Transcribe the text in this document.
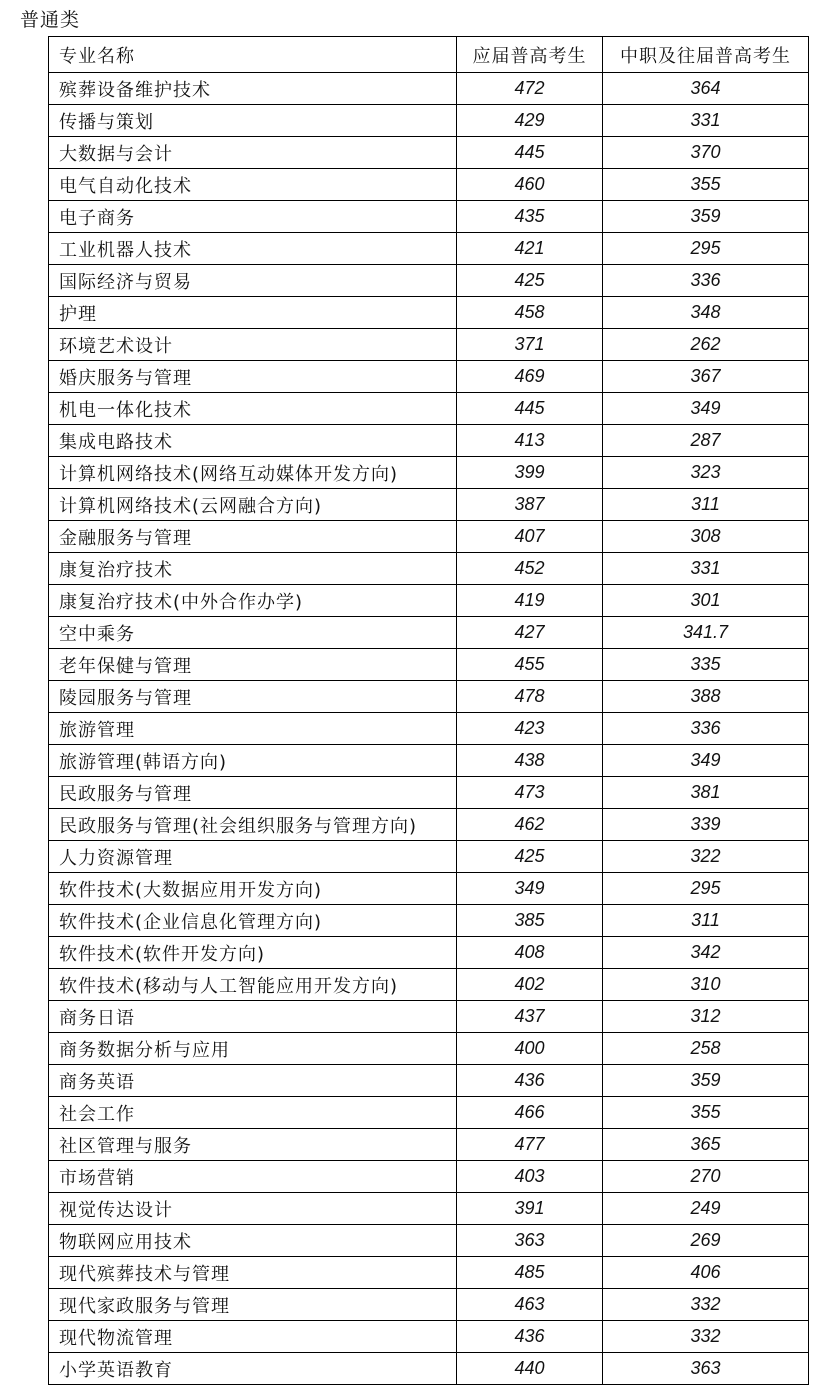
普通类
专业名称	应届普高考生	中职及往届普高考生
殡葬设备维护技术	472	364
传播与策划	429	331
大数据与会计	445	370
电气自动化技术	460	355
电子商务	435	359
工业机器人技术	421	295
国际经济与贸易	425	336
护理	458	348
环境艺术设计	371	262
婚庆服务与管理	469	367
机电一体化技术	445	349
集成电路技术	413	287
计算机网络技术(网络互动媒体开发方向)	399	323
计算机网络技术(云网融合方向)	387	311
金融服务与管理	407	308
康复治疗技术	452	331
康复治疗技术(中外合作办学)	419	301
空中乘务	427	341.7
老年保健与管理	455	335
陵园服务与管理	478	388
旅游管理	423	336
旅游管理(韩语方向)	438	349
民政服务与管理	473	381
民政服务与管理(社会组织服务与管理方向)	462	339
人力资源管理	425	322
软件技术(大数据应用开发方向)	349	295
软件技术(企业信息化管理方向)	385	311
软件技术(软件开发方向)	408	342
软件技术(移动与人工智能应用开发方向)	402	310
商务日语	437	312
商务数据分析与应用	400	258
商务英语	436	359
社会工作	466	355
社区管理与服务	477	365
市场营销	403	270
视觉传达设计	391	249
物联网应用技术	363	269
现代殡葬技术与管理	485	406
现代家政服务与管理	463	332
现代物流管理	436	332
小学英语教育	440	363
